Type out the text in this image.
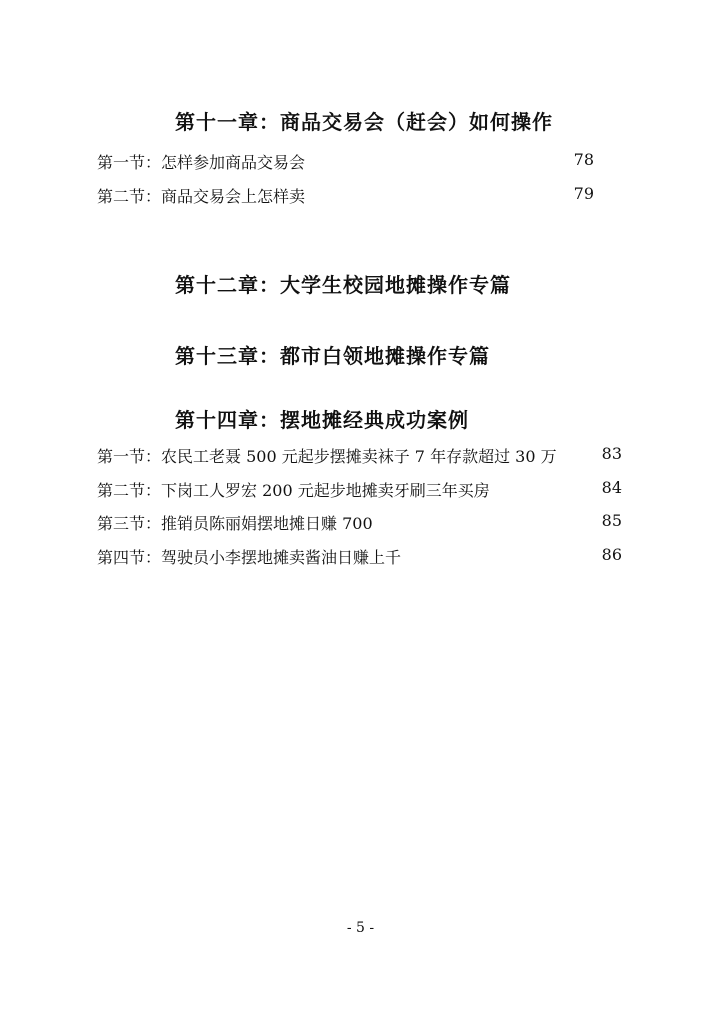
第十一章：商品交易会（赶会）如何操作
第一节：怎样参加商品交易会	78
第二节：商品交易会上怎样卖	79
第十二章：大学生校园地摊操作专篇
第十三章：都市白领地摊操作专篇
第十四章：摆地摊经典成功案例
第一节：农民工老聂 500 元起步摆摊卖袜子 7 年存款超过 30 万	83
第二节：下岗工人罗宏 200 元起步地摊卖牙刷三年买房	84
第三节：推销员陈丽娟摆地摊日赚 700	85
第四节：驾驶员小李摆地摊卖酱油日赚上千	86
- 5 -
